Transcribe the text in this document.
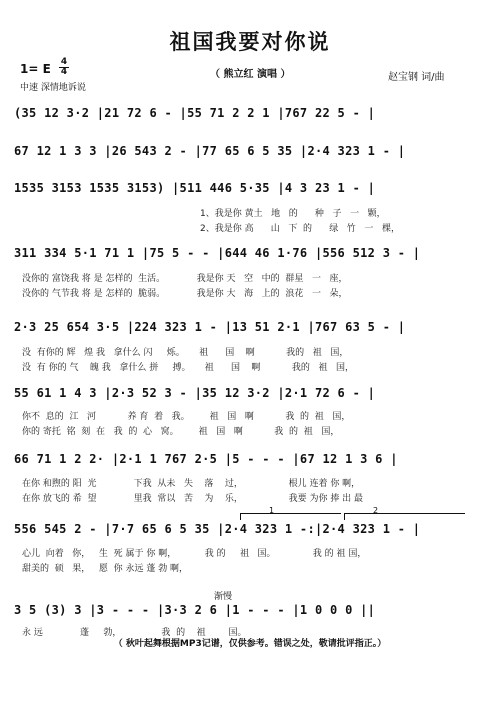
祖国我要对你说
1= E 4
4
中速 深情地诉说
（ 熊立红 演唱 ）	赵宝钢 词/曲
(35 12 3·2 |21 72 6 - |55 71 2 2 1 |767 22 5 - |
67 12 1 3 3 |26 543 2 - |77 65 6 5 35 |2·4 323 1 - |
1535 3153 1535 3153) |511 446 5·35 |4 3 23 1 - |
311 334 5·1 71 1 |75 5 - - |644 46 1·76 |556 512 3 - |
2·3 25 654 3·5 |224 323 1 - |13 51 2·1 |767 63 5 - |
55 61 1 4 3 |2·3 52 3 - |35 12 3·2 |2·1 72 6 - |
66 71 1 2 2· |2·1 1 767 2·5 |5 - - - |67 12 1 3 6 |
556 545 2 - |7·7 65 6 5 35 |2·4 323 1 -:|2·4 323 1 - |
3 5 (3) 3 |3 - - - |3·3 2 6 |1 - - - |1 0 0 0 ||
1、我是你 黄土   地   的      种   子   一   颗，
2、我是你 高      山   下  的      绿   竹   一   棵，
没你的 富饶我 将 是 怎样的  生活。           我是你 天   空   中的  群星   一   座，
没你的 气节我 将 是 怎样的  脆弱。           我是你 大   海   上的  浪花   一   朵，
没  有你的 辉   煌 我   拿什么 闪     烁。     祖      国    啊           我的   祖   国，
没  有 你的 气    魄 我   拿什么 拼     搏。     祖      国    啊           我的   祖   国，
你不  息的  江   河           养 育  着   我。       祖   国   啊           我  的  祖   国，
你的 寄托  铭  刻  在   我  的  心   窝。       祖   国   啊           我  的  祖   国，
在你 和煦的 阳  光             下我  从未   失    落    过，                根儿 连着 你 啊，
在你 放飞的 希  望             里我  常以   苦    为    乐，                我要 为你 捧 出 最
心儿  向着   你，   生  死 属于 你 啊，          我 的     祖   国。             我 的 祖 国，
甜美的  硕   果，   愿  你 永远 蓬 勃 啊，
永 远             蓬     勃，              我  的    祖        国。
1	2
渐慢
（ 秋叶起舞根据MP3记谱，仅供参考。错误之处，敬请批评指正。）
